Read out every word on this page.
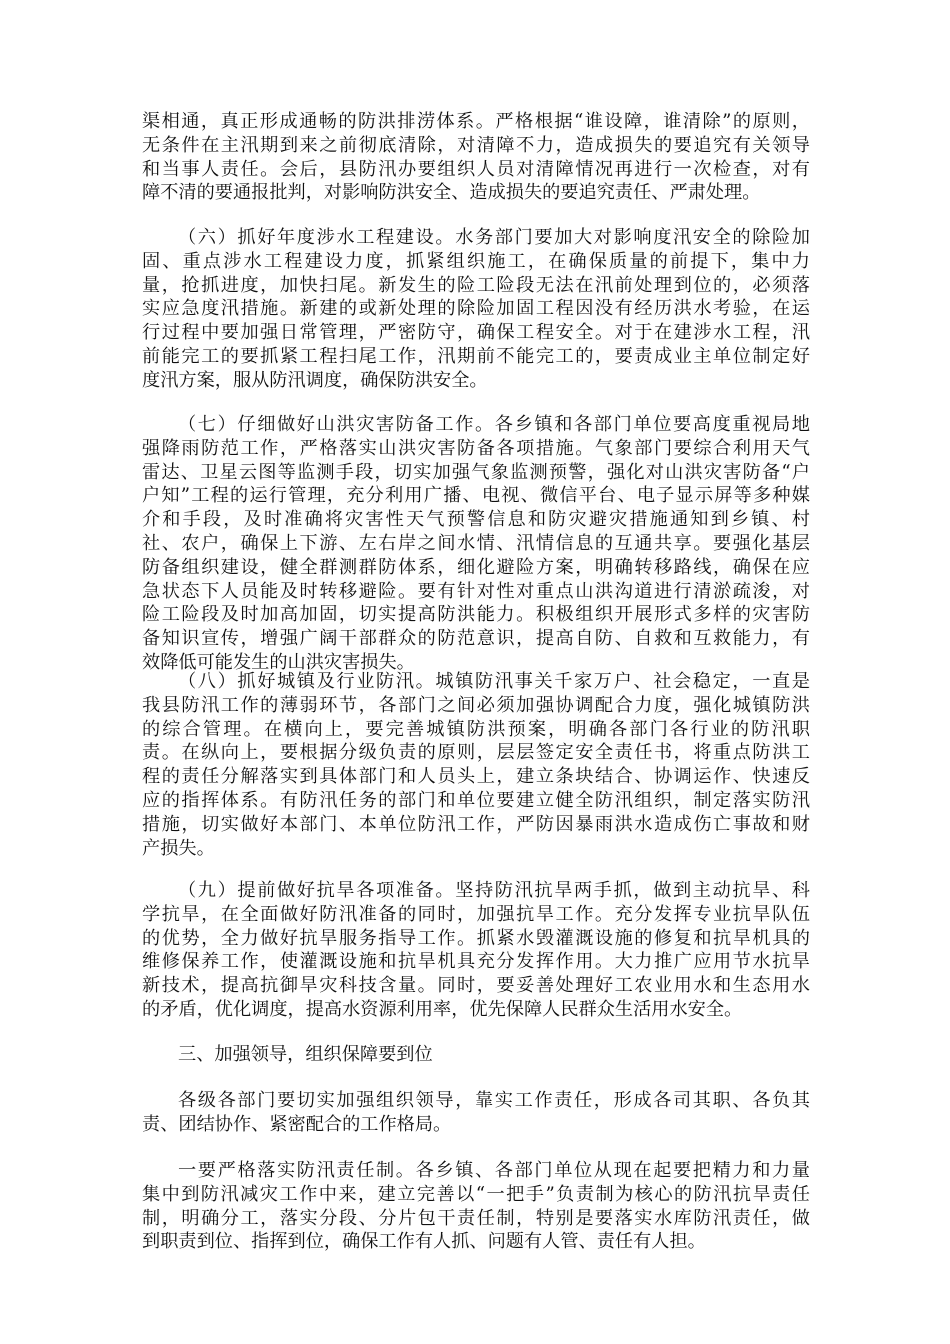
渠相通，真正形成通畅的防洪排涝体系。严格根据“谁设障，谁清除”的原则，
无条件在主汛期到来之前彻底清除，对清障不力，造成损失的要追究有关领导
和当事人责任。会后，县防汛办要组织人员对清障情况再进行一次检查，对有
障不清的要通报批判，对影响防洪安全、造成损失的要追究责任、严肃处理。
（六）抓好年度涉水工程建设。水务部门要加大对影响度汛安全的除险加
固、重点涉水工程建设力度，抓紧组织施工，在确保质量的前提下，集中力
量，抢抓进度，加快扫尾。新发生的险工险段无法在汛前处理到位的，必须落
实应急度汛措施。新建的或新处理的除险加固工程因没有经历洪水考验，在运
行过程中要加强日常管理，严密防守，确保工程安全。对于在建涉水工程，汛
前能完工的要抓紧工程扫尾工作，汛期前不能完工的，要责成业主单位制定好
度汛方案，服从防汛调度，确保防洪安全。
（七）仔细做好山洪灾害防备工作。各乡镇和各部门单位要高度重视局地
强降雨防范工作，严格落实山洪灾害防备各项措施。气象部门要综合利用天气
雷达、卫星云图等监测手段，切实加强气象监测预警，强化对山洪灾害防备“户
户知”工程的运行管理，充分利用广播、电视、微信平台、电子显示屏等多种媒
介和手段，及时准确将灾害性天气预警信息和防灾避灾措施通知到乡镇、村
社、农户，确保上下游、左右岸之间水情、汛情信息的互通共享。要强化基层
防备组织建设，健全群测群防体系，细化避险方案，明确转移路线，确保在应
急状态下人员能及时转移避险。要有针对性对重点山洪沟道进行清淤疏浚，对
险工险段及时加高加固，切实提高防洪能力。积极组织开展形式多样的灾害防
备知识宣传，增强广阔干部群众的防范意识，提高自防、自救和互救能力，有
效降低可能发生的山洪灾害损失。
（八）抓好城镇及行业防汛。城镇防汛事关千家万户、社会稳定，一直是
我县防汛工作的薄弱环节，各部门之间必须加强协调配合力度，强化城镇防洪
的综合管理。在横向上，要完善城镇防洪预案，明确各部门各行业的防汛职
责。在纵向上，要根据分级负责的原则，层层签定安全责任书，将重点防洪工
程的责任分解落实到具体部门和人员头上，建立条块结合、协调运作、快速反
应的指挥体系。有防汛任务的部门和单位要建立健全防汛组织，制定落实防汛
措施，切实做好本部门、本单位防汛工作，严防因暴雨洪水造成伤亡事故和财
产损失。
（九）提前做好抗旱各项准备。坚持防汛抗旱两手抓，做到主动抗旱、科
学抗旱，在全面做好防汛准备的同时，加强抗旱工作。充分发挥专业抗旱队伍
的优势，全力做好抗旱服务指导工作。抓紧水毁灌溉设施的修复和抗旱机具的
维修保养工作，使灌溉设施和抗旱机具充分发挥作用。大力推广应用节水抗旱
新技术，提高抗御旱灾科技含量。同时，要妥善处理好工农业用水和生态用水
的矛盾，优化调度，提高水资源利用率，优先保障人民群众生活用水安全。
三、加强领导，组织保障要到位
各级各部门要切实加强组织领导，靠实工作责任，形成各司其职、各负其
责、团结协作、紧密配合的工作格局。
一要严格落实防汛责任制。各乡镇、各部门单位从现在起要把精力和力量
集中到防汛减灾工作中来，建立完善以“一把手”负责制为核心的防汛抗旱责任
制，明确分工，落实分段、分片包干责任制，特别是要落实水库防汛责任，做
到职责到位、指挥到位，确保工作有人抓、问题有人管、责任有人担。
